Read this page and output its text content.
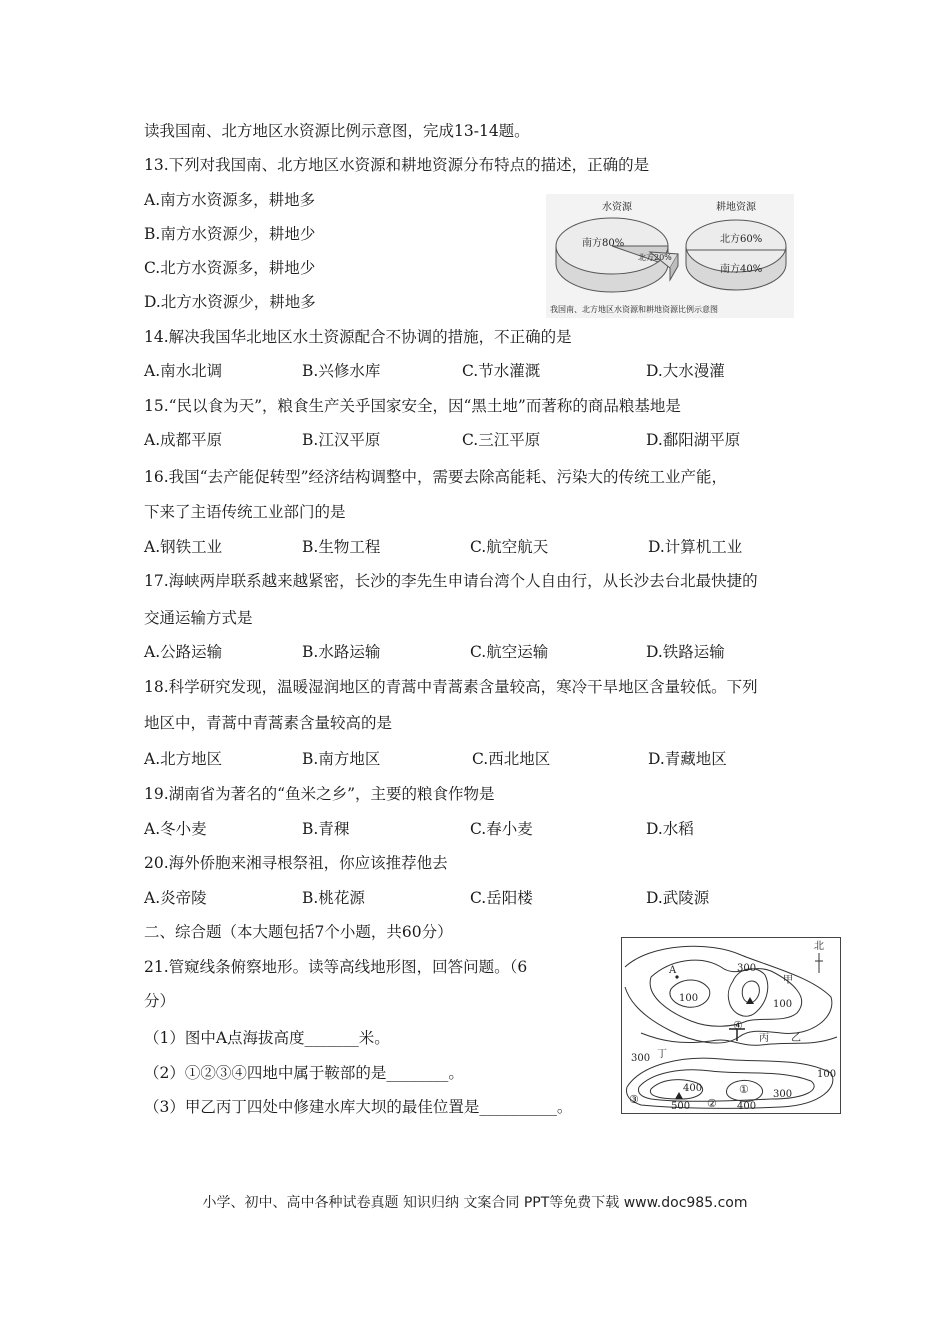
读我国南、北方地区水资源比例示意图，完成13-14题。
13.下列对我国南、北方地区水资源和耕地资源分布特点的描述，正确的是
A.南方水资源多，耕地多
B.南方水资源少，耕地少
C.北方水资源多，耕地少
D.北方水资源少，耕地多
水资源	耕地资源
南方80%
北方20%
北方60%
南方40%
我国南、北方地区水资源和耕地资源比例示意图
14.解决我国华北地区水土资源配合不协调的措施，不正确的是
A.南水北调	B.兴修水库	C.节水灌溉	D.大水漫灌
15.“民以食为天”，粮食生产关乎国家安全，因“黑土地”而著称的商品粮基地是
A.成都平原	B.江汉平原	C.三江平原	D.鄱阳湖平原
16.我国“去产能促转型”经济结构调整中，需要去除高能耗、污染大的传统工业产能，
下来了主语传统工业部门的是
A.钢铁工业	B.生物工程	C.航空航天	D.计算机工业
17.海峡两岸联系越来越紧密，长沙的李先生申请台湾个人自由行，从长沙去台北最快捷的
交通运输方式是
A.公路运输	B.水路运输	C.航空运输	D.铁路运输
18.科学研究发现，温暖湿润地区的青蒿中青蒿素含量较高，寒冷干旱地区含量较低。下列
地区中，青蒿中青蒿素含量较高的是
A.北方地区	B.南方地区	C.西北地区	D.青藏地区
19.湖南省为著名的“鱼米之乡”，主要的粮食作物是
A.冬小麦	B.青稞	C.春小麦	D.水稻
20.海外侨胞来湘寻根祭祖，你应该推荐他去
A.炎帝陵	B.桃花源	C.岳阳楼	D.武陵源
二、综合题（本大题包括7个小题，共60分）
21.管窥线条俯察地形。读等高线地形图，回答问题。（6
分）
（1）图中A点海拔高度_______米。
（2）①②③④四地中属于鞍部的是________。
（3）甲乙丙丁四处中修建水库大坝的最佳位置是__________。
北
A	300
100
100
100
300
400
500	400
300
甲
乙
丙
丁
①
②
③
④
小学、初中、高中各种试卷真题 知识归纳 文案合同 PPT等免费下载 www.doc985.com
